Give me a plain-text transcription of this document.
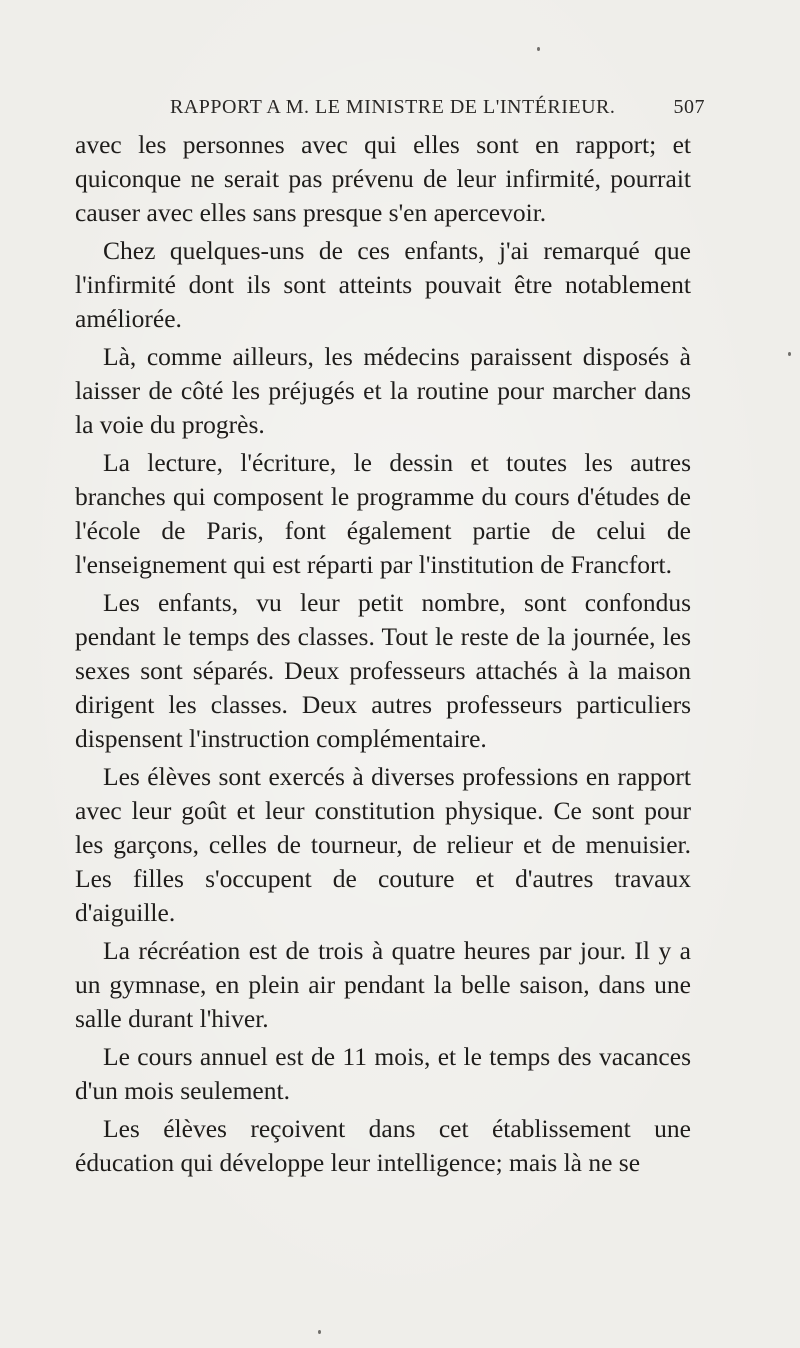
RAPPORT A M. LE MINISTRE DE L'INTÉRIEUR.	507

avec les personnes avec qui elles sont en rapport; et quiconque ne serait pas prévenu de leur infirmité, pourrait causer avec elles sans presque s'en apercevoir.

Chez quelques-uns de ces enfants, j'ai remarqué que l'infirmité dont ils sont atteints pouvait être notablement améliorée.

Là, comme ailleurs, les médecins paraissent disposés à laisser de côté les préjugés et la routine pour marcher dans la voie du progrès.

La lecture, l'écriture, le dessin et toutes les autres branches qui composent le programme du cours d'études de l'école de Paris, font également partie de celui de l'enseignement qui est réparti par l'institution de Francfort.

Les enfants, vu leur petit nombre, sont confondus pendant le temps des classes. Tout le reste de la journée, les sexes sont séparés. Deux professeurs attachés à la maison dirigent les classes. Deux autres professeurs particuliers dispensent l'instruction complémentaire.

Les élèves sont exercés à diverses professions en rapport avec leur goût et leur constitution physique. Ce sont pour les garçons, celles de tourneur, de relieur et de menuisier. Les filles s'occupent de couture et d'autres travaux d'aiguille.

La récréation est de trois à quatre heures par jour. Il y a un gymnase, en plein air pendant la belle saison, dans une salle durant l'hiver.

Le cours annuel est de 11 mois, et le temps des vacances d'un mois seulement.

Les élèves reçoivent dans cet établissement une éducation qui développe leur intelligence; mais là ne se
